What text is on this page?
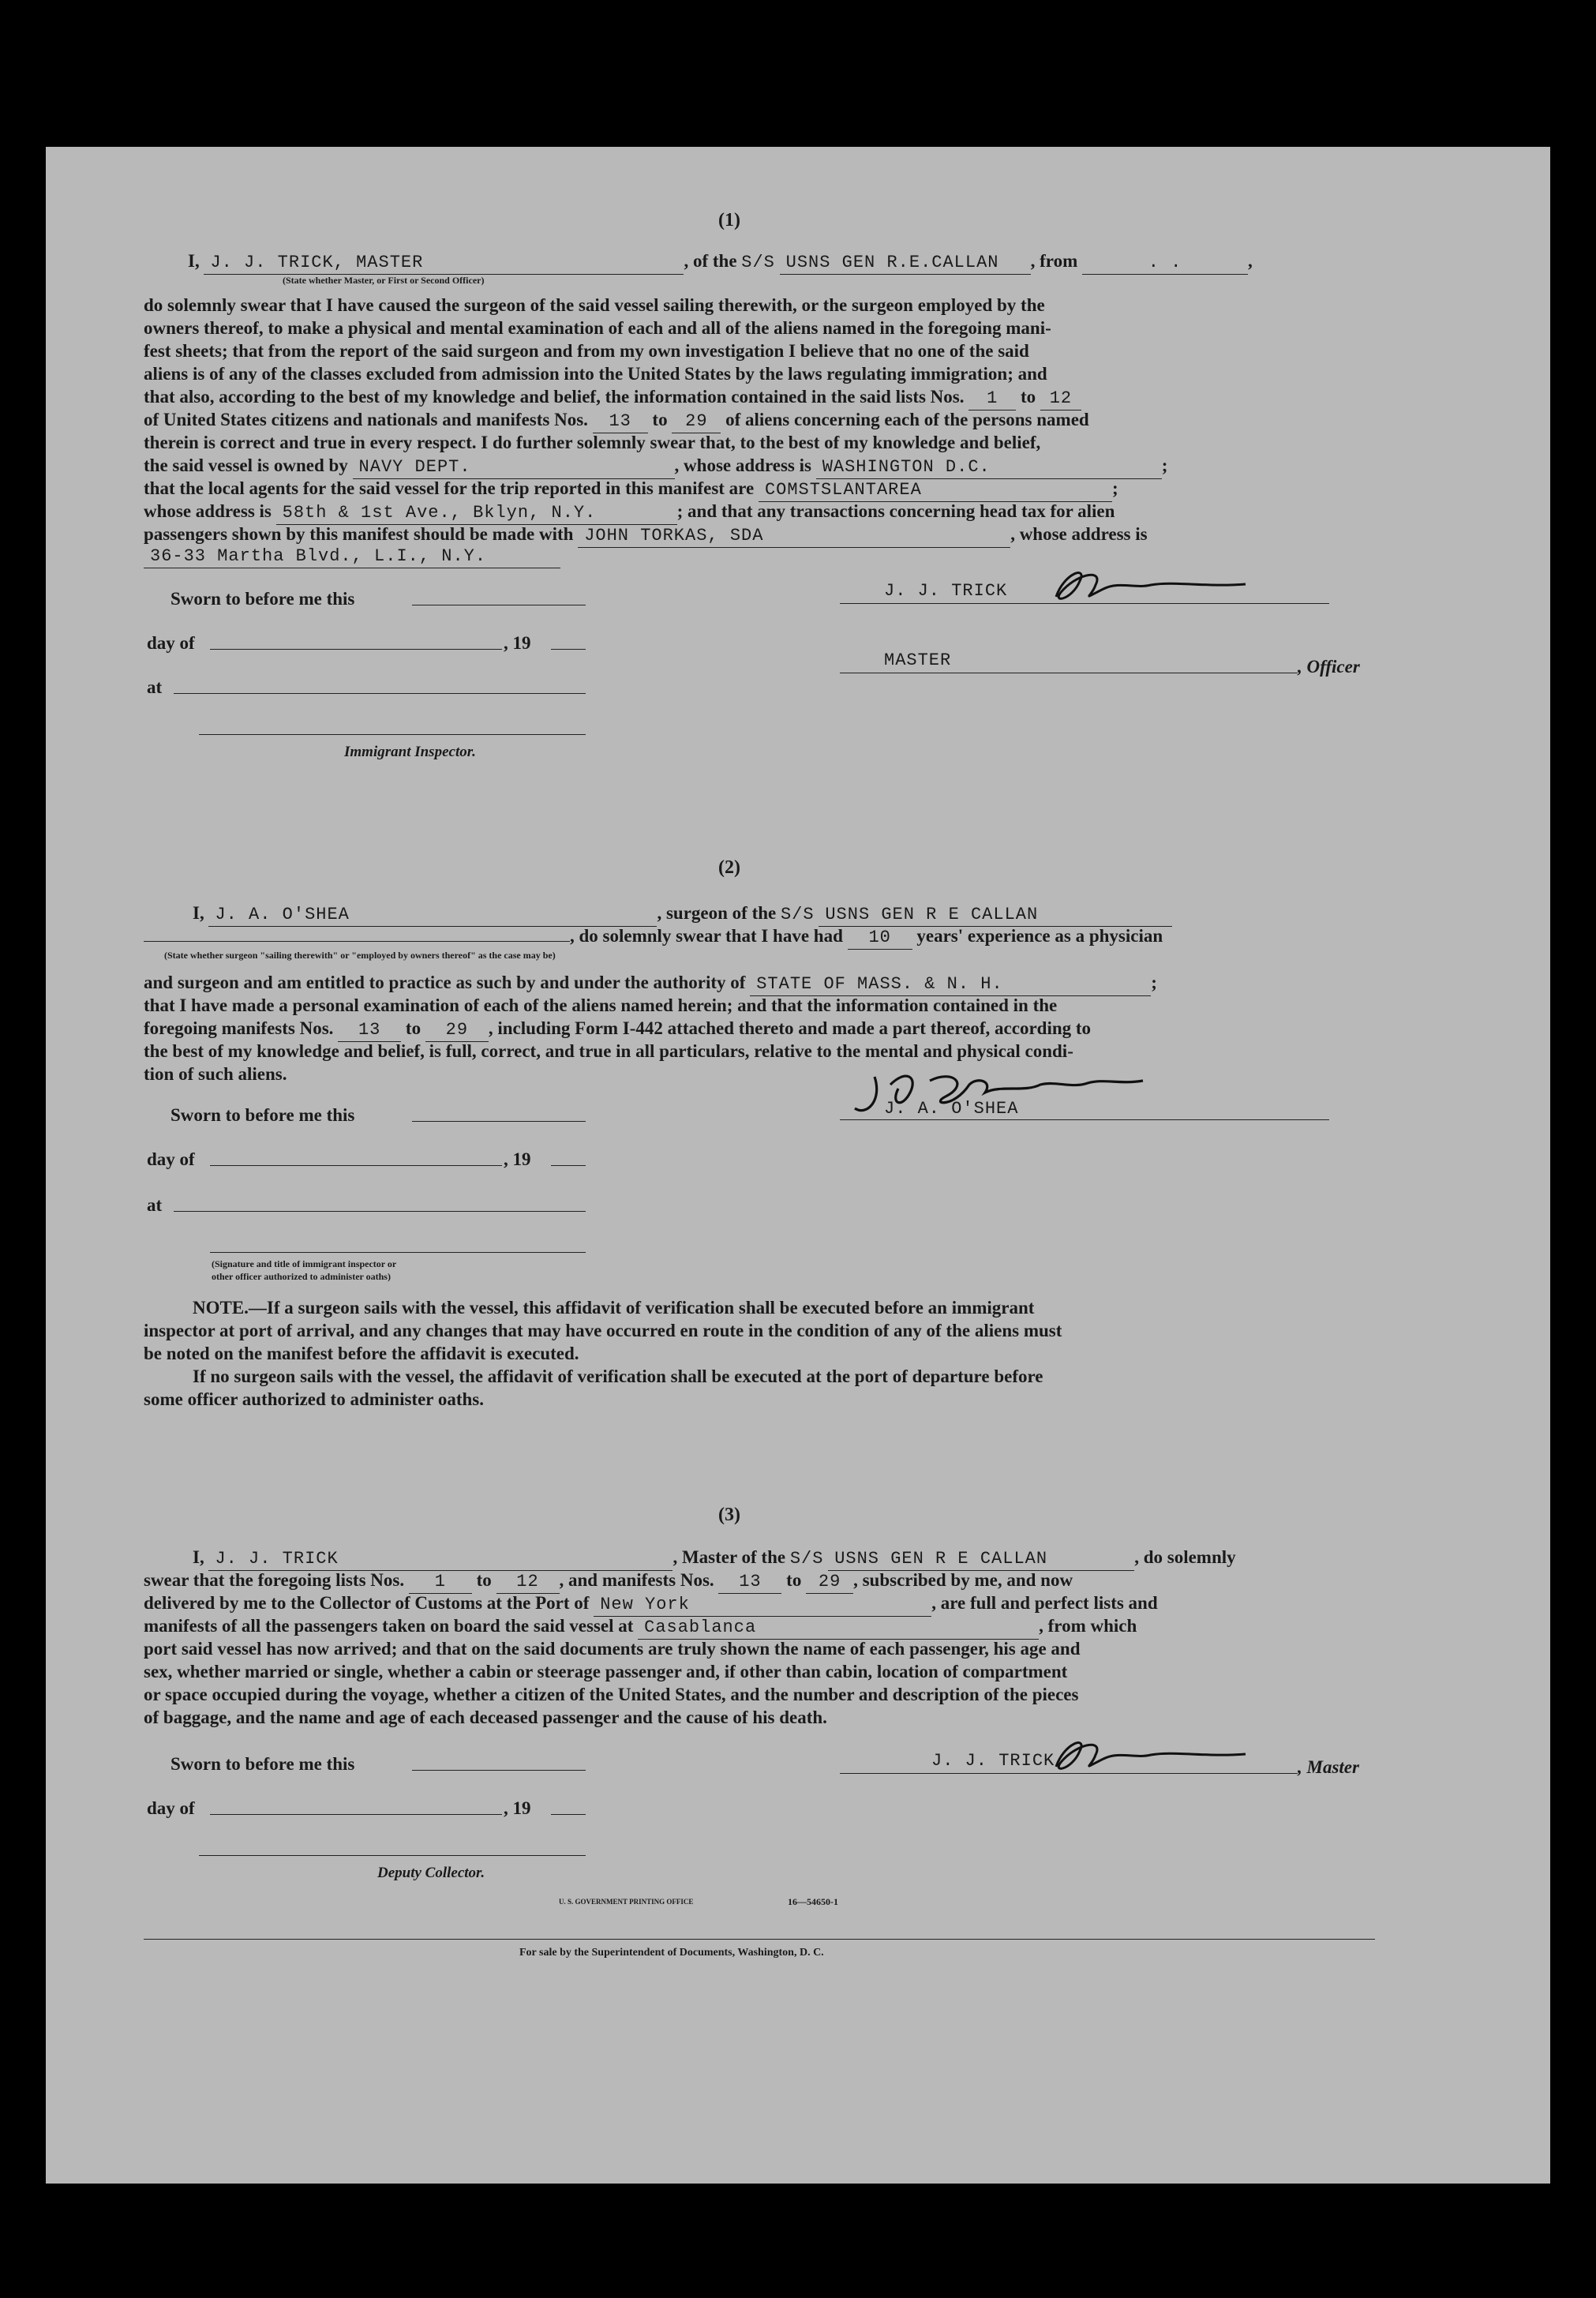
(1)
I, J. J. TRICK, MASTER	, of the S/S USNS GEN R.E.CALLAN , from	. .	,
(State whether Master, or First or Second Officer)
do solemnly swear that I have caused the surgeon of the said vessel sailing therewith, or the surgeon employed by the
owners thereof, to make a physical and mental examination of each and all of the aliens named in the foregoing mani-
fest sheets; that from the report of the said surgeon and from my own investigation I believe that no one of the said
aliens is of any of the classes excluded from admission into the United States by the laws regulating immigration; and
that also, according to the best of my knowledge and belief, the information contained in the said lists Nos. 1 to 12
of United States citizens and nationals and manifests Nos. 13 to 29 of aliens concerning each of the persons named
therein is correct and true in every respect. I do further solemnly swear that, to the best of my knowledge and belief,
the said vessel is owned by NAVY DEPT.	, whose address is WASHINGTON D.C.	;
that the local agents for the said vessel for the trip reported in this manifest are COMSTSLANTAREA	;
whose address is 58th & 1st Ave., Bklyn, N.Y.	; and that any transactions concerning head tax for alien
passengers shown by this manifest should be made with JOHN TORKAS, SDA	, whose address is
36-33 Martha Blvd., L.I., N.Y.
Sworn to before me this
day of	, 19
at
Immigrant Inspector.
J. J. TRICK
MASTER	, Officer
(2)
I, J. A. O'SHEA	, surgeon of the S/S USNS GEN R E CALLAN
, do solemnly swear that I have had 10 years' experience as a physician
(State whether surgeon "sailing therewith" or "employed by owners thereof" as the case may be)
and surgeon and am entitled to practice as such by and under the authority of STATE OF MASS. & N. H.	;
that I have made a personal examination of each of the aliens named herein; and that the information contained in the
foregoing manifests Nos. 13 to 29 , including Form I-442 attached thereto and made a part thereof, according to
the best of my knowledge and belief, is full, correct, and true in all particulars, relative to the mental and physical condi-
tion of such aliens.
Sworn to before me this
day of	, 19
at
(Signature and title of immigrant inspector or
other officer authorized to administer oaths)
J. A. O'SHEA
NOTE.—If a surgeon sails with the vessel, this affidavit of verification shall be executed before an immigrant
inspector at port of arrival, and any changes that may have occurred en route in the condition of any of the aliens must
be noted on the manifest before the affidavit is executed.
If no surgeon sails with the vessel, the affidavit of verification shall be executed at the port of departure before
some officer authorized to administer oaths.
(3)
I, J. J. TRICK	, Master of the S/S USNS GEN R E CALLAN	, do solemnly
swear that the foregoing lists Nos. 1 to 12 , and manifests Nos. 13 to 29 , subscribed by me, and now
delivered by me to the Collector of Customs at the Port of New York	, are full and perfect lists and
manifests of all the passengers taken on board the said vessel at Casablanca	, from which
port said vessel has now arrived; and that on the said documents are truly shown the name of each passenger, his age and
sex, whether married or single, whether a cabin or steerage passenger and, if other than cabin, location of compartment
or space occupied during the voyage, whether a citizen of the United States, and the number and description of the pieces
of baggage, and the name and age of each deceased passenger and the cause of his death.
Sworn to before me this
day of	, 19
Deputy Collector.
J. J. TRICK	, Master
U. S. GOVERNMENT PRINTING OFFICE	16—54650-1
For sale by the Superintendent of Documents, Washington, D. C.
